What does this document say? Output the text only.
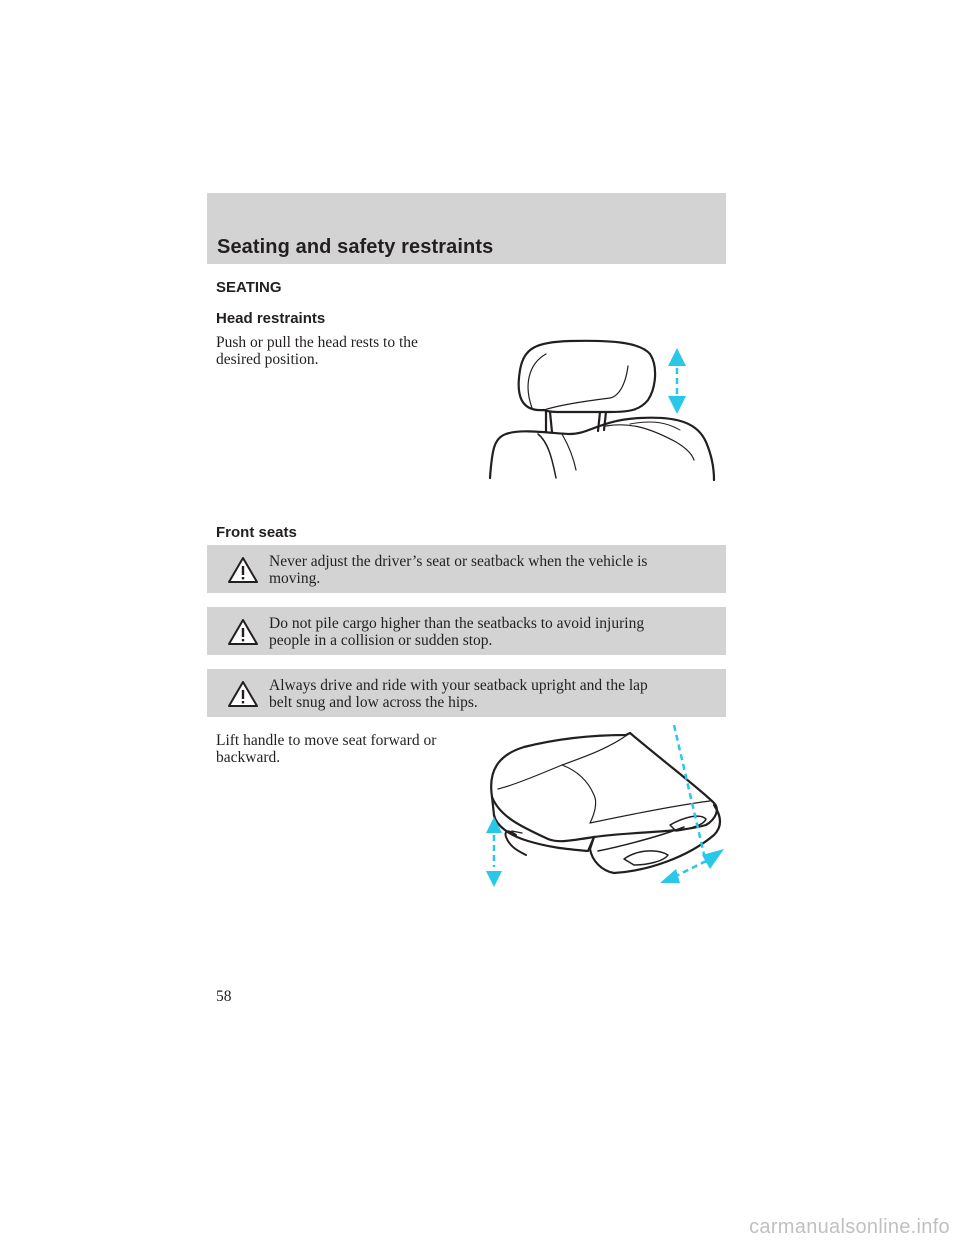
Seating and safety restraints
SEATING
Head restraints
Push or pull the head rests to the
desired position.
Front seats
Never adjust the driver’s seat or seatback when the vehicle is
moving.
Do not pile cargo higher than the seatbacks to avoid injuring
people in a collision or sudden stop.
Always drive and ride with your seatback upright and the lap
belt snug and low across the hips.
Lift handle to move seat forward or
backward.
58
carmanualsonline.info
